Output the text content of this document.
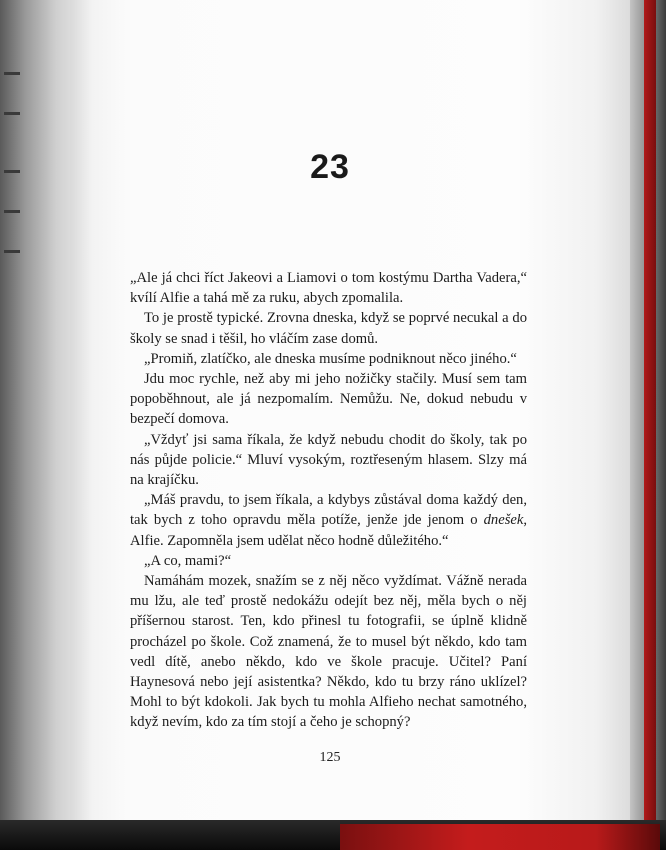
23

„Ale já chci říct Jakeovi a Liamovi o tom kostýmu Dartha Vadera,“ kvílí Alfie a tahá mě za ruku, abych zpomalila.

To je prostě typické. Zrovna dneska, když se poprvé necukal a do školy se snad i těšil, ho vláčím zase domů.

„Promiň, zlatíčko, ale dneska musíme podniknout něco jiného.“

Jdu moc rychle, než aby mi jeho nožičky stačily. Musí sem tam popoběhnout, ale já nezpomalím. Nemůžu. Ne, dokud nebudu v bezpečí domova.

„Vždyť jsi sama říkala, že když nebudu chodit do školy, tak po nás půjde policie.“ Mluví vysokým, roztřeseným hlasem. Slzy má na krajíčku.

„Máš pravdu, to jsem říkala, a kdybys zůstával doma každý den, tak bych z toho opravdu měla potíže, jenže jde jenom o dnešek, Alfie. Zapomněla jsem udělat něco hodně důležitého.“

„A co, mami?“

Namáhám mozek, snažím se z něj něco vyždímat. Vážně nerada mu lžu, ale teď prostě nedokážu odejít bez něj, měla bych o něj příšernou starost. Ten, kdo přinesl tu fotografii, se úplně klidně procházel po škole. Což znamená, že to musel být někdo, kdo tam vedl dítě, anebo někdo, kdo ve škole pracuje. Učitel? Paní Haynesová nebo její asistentka? Někdo, kdo tu brzy ráno uklízel? Mohl to být kdokoli. Jak bych tu mohla Alfieho nechat samotného, když nevím, kdo za tím stojí a čeho je schopný?

125
